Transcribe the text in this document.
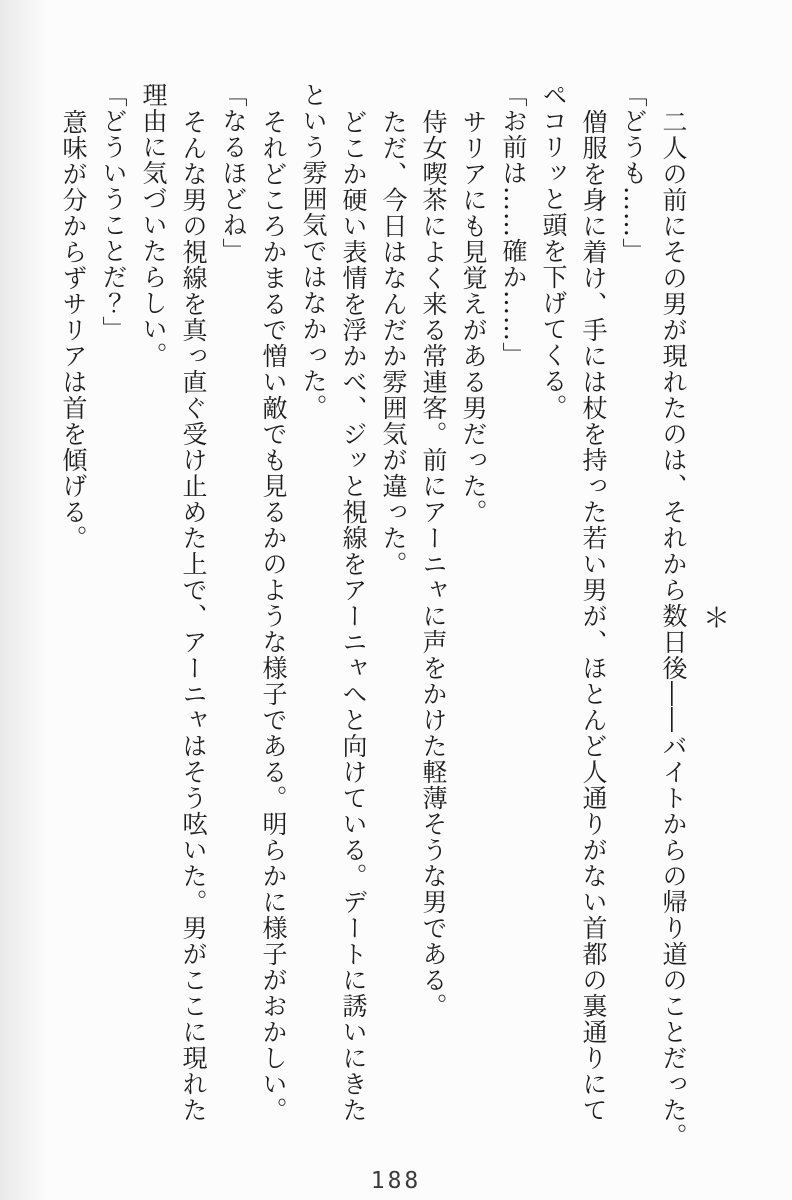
＊

二人の前にその男が現れたのは、それから数日後――バイトからの帰り道のことだった。

「どうも……」

僧服を身に着け、手には杖を持った若い男が、ほとんど人通りがない首都の裏通りにて

ペコリッと頭を下げてくる。

「お前は……確か……」

サリアにも見覚えがある男だった。

侍女喫茶によく来る常連客。前にアーニャに声をかけた軽薄そうな男である。

ただ、今日はなんだか雰囲気が違った。

どこか硬い表情を浮かべ、ジッと視線をアーニャへと向けている。デートに誘いにきた

という雰囲気ではなかった。

それどころかまるで憎い敵でも見るかのような様子である。明らかに様子がおかしい。

「なるほどね」

そんな男の視線を真っ直ぐ受け止めた上で、アーニャはそう呟いた。男がここに現れた

理由に気づいたらしい。

「どういうことだ？」

意味が分からずサリアは首を傾げる。

188
